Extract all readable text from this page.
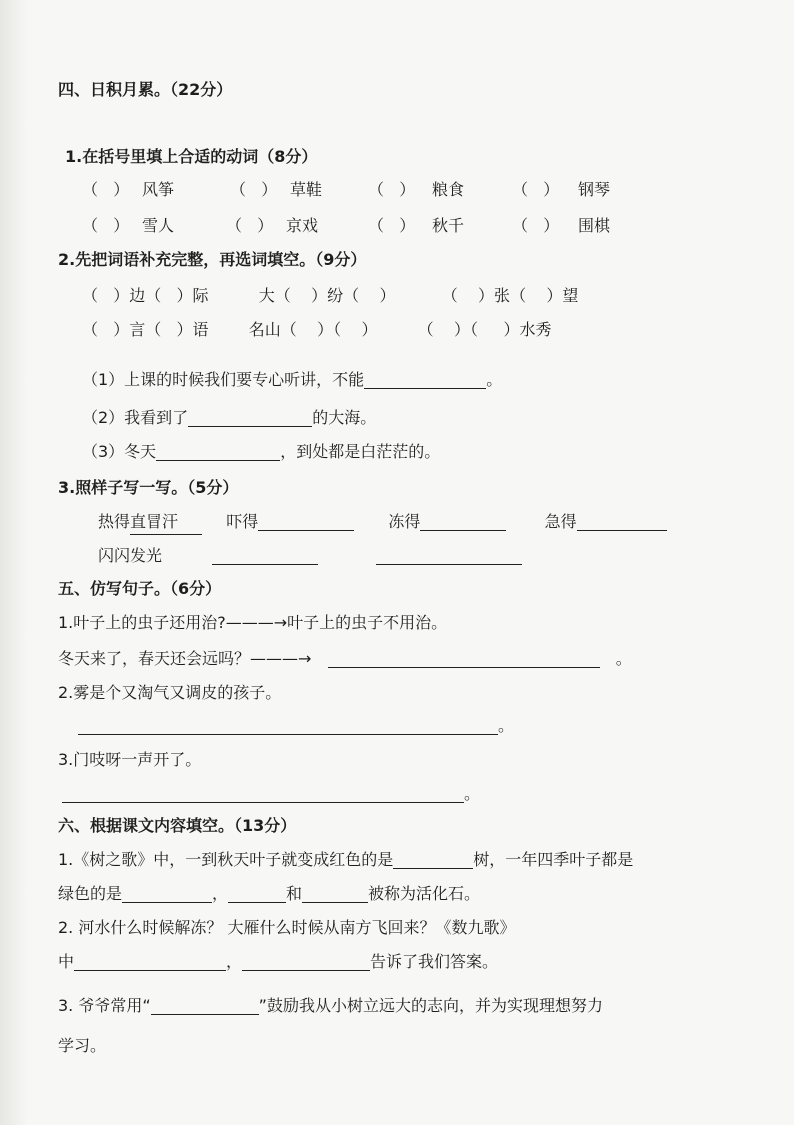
四、日积月累。（22分）
1.在括号里填上合适的动词（8分）
（   ） 风筝	（   ） 草鞋	（   ） 粮食	（   ） 钢琴
（   ） 雪人	（   ） 京戏	（   ） 秋千	（   ） 围棋
2.先把词语补充完整，再选词填空。（9分）
（   ）边（   ）际	大（    ）纷（    ）	（    ）张（    ）望
（   ）言（   ）语	名山（    ）（    ）	（    ）（     ）水秀
（1）上课的时候我们要专心听讲，不能	。
（2）我看到了	的大海。
（3）冬天	，到处都是白茫茫的。
3.照样子写一写。（5分）
热得直冒汗	吓得	冻得	急得
闪闪发光
五、仿写句子。（6分）
1.叶子上的虫子还用治?———→叶子上的虫子不用治。
冬天来了，春天还会远吗？———→	。
2.雾是个又淘气又调皮的孩子。
。
3.门吱呀一声开了。
。
六、根据课文内容填空。（13分）
1.《树之歌》中，一到秋天叶子就变成红色的是	树，一年四季叶子都是
绿色的是	，	和	被称为活化石。
2. 河水什么时候解冻？ 大雁什么时候从南方飞回来？《数九歌》
中	，	告诉了我们答案。
3. 爷爷常用“	”鼓励我从小树立远大的志向，并为实现理想努力
学习。
